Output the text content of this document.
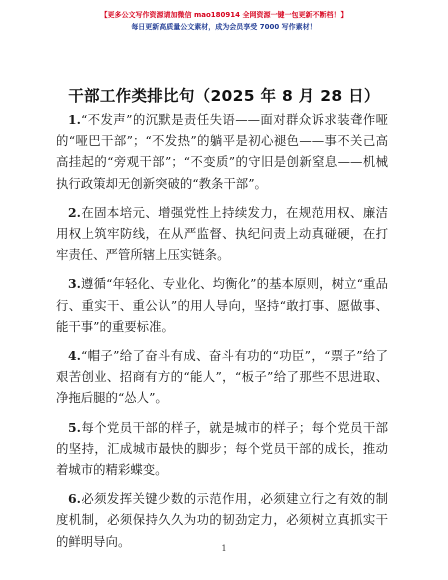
【更多公文写作资源请加微信 mao180914 全网资源一键一包更新不断档！】
每日更新高质量公文素材，成为会员享受 7000 写作素材！
干部工作类排比句（2025 年 8 月 28 日）

1.“不发声”的沉默是责任失语——面对群众诉求装聋作哑的“哑巴干部”；“不发热”的躺平是初心褪色——事不关己高高挂起的“旁观干部”；“不变质”的守旧是创新窒息——机械执行政策却无创新突破的“教条干部”。

2.在固本培元、增强党性上持续发力，在规范用权、廉洁用权上筑牢防线，在从严监督、执纪问责上动真碰硬，在打牢责任、严管所辖上压实链条。

3.遵循“年轻化、专业化、均衡化”的基本原则，树立“重品行、重实干、重公认”的用人导向，坚持“敢打事、愿做事、能干事”的重要标准。

4.“帽子”给了奋斗有成、奋斗有功的“功臣”，“票子”给了艰苦创业、招商有方的“能人”，“板子”给了那些不思进取、净拖后腿的“怂人”。

5.每个党员干部的样子，就是城市的样子；每个党员干部的坚持，汇成城市最快的脚步；每个党员干部的成长，推动着城市的精彩蝶变。

6.必须发挥关键少数的示范作用，必须建立行之有效的制度机制，必须保持久久为功的韧劲定力，必须树立真抓实干的鲜明导向。	1
